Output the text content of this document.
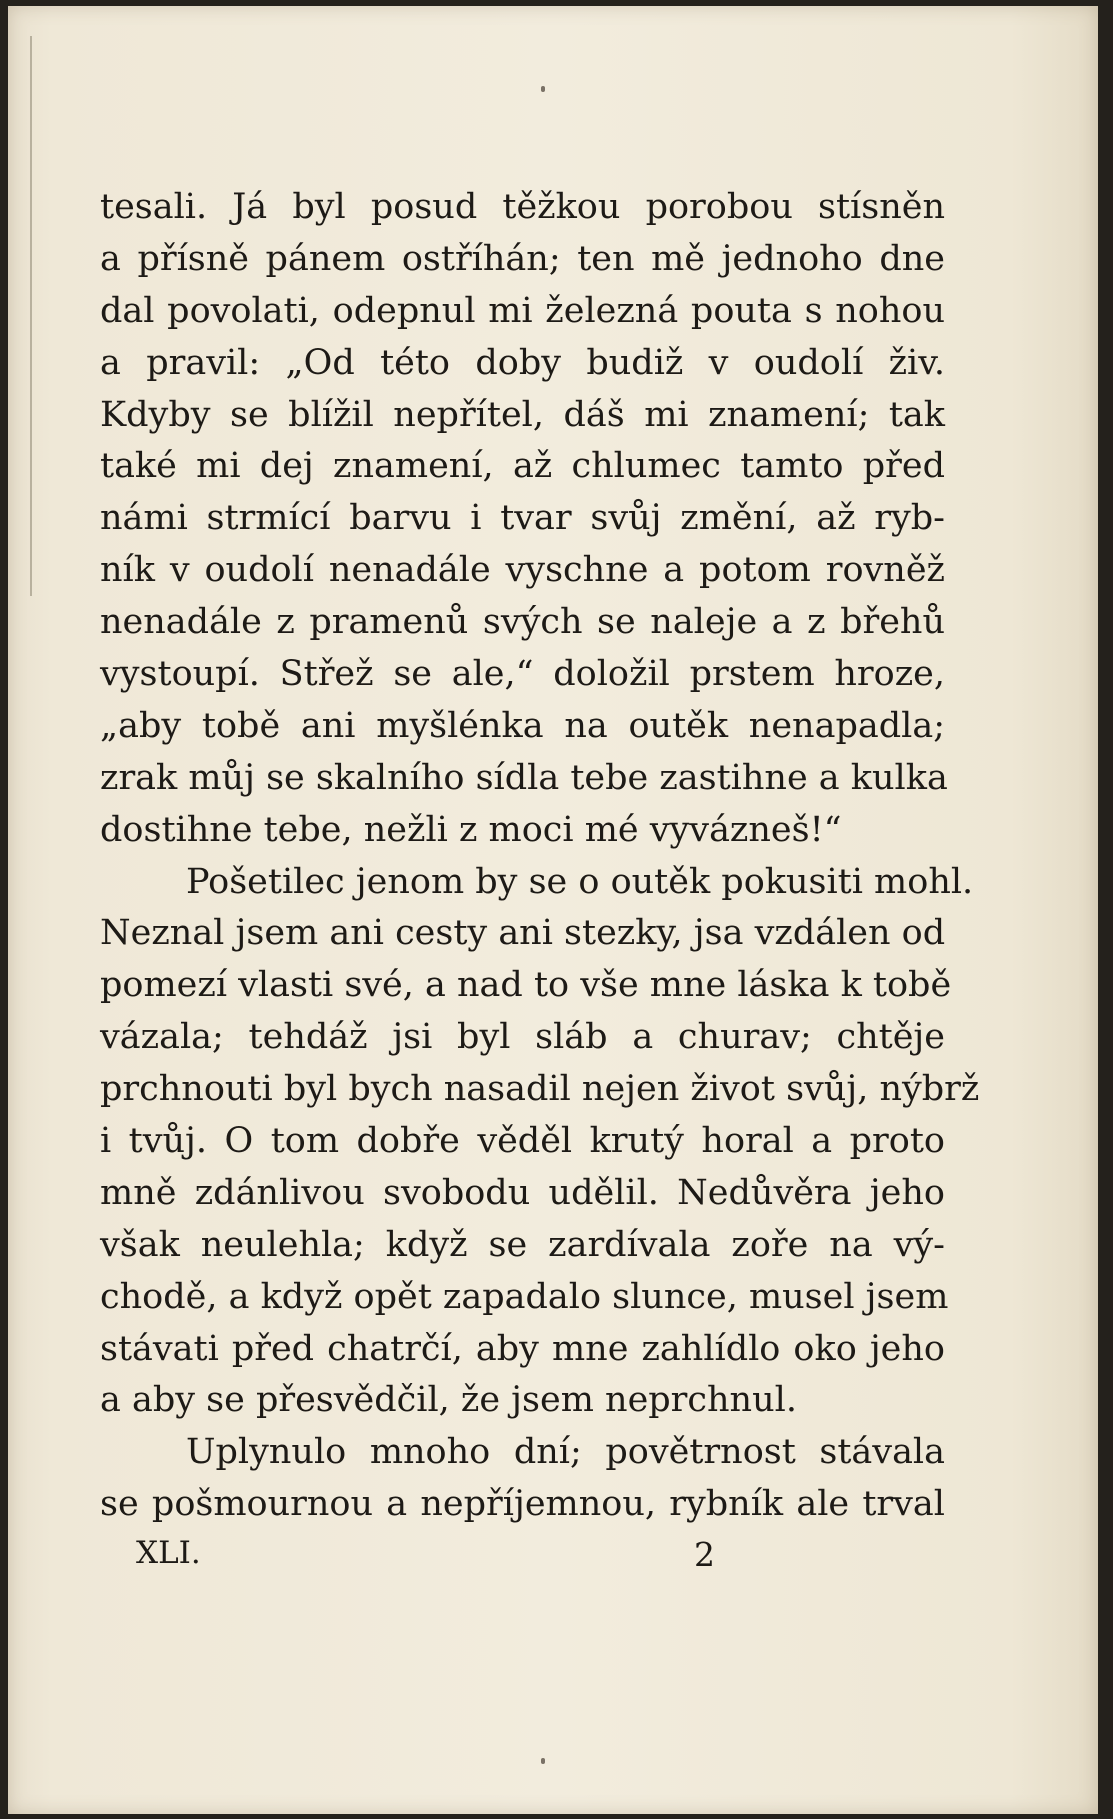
tesali. Já byl posud těžkou porobou stísněn
a přísně pánem ostříhán; ten mě jednoho dne
dal povolati, odepnul mi železná pouta s nohou
a pravil: „Od této doby budiž v oudolí živ.
Kdyby se blížil nepřítel, dáš mi znamení; tak
také mi dej znamení, až chlumec tamto před
námi strmící barvu i tvar svůj změní, až ryb-
ník v oudolí nenadále vyschne a potom rovněž
nenadále z pramenů svých se naleje a z břehů
vystoupí. Střež se ale,“ doložil prstem hroze,
„aby tobě ani myšlénka na outěk nenapadla;
zrak můj se skalního sídla tebe zastihne a kulka
dostihne tebe, nežli z moci mé vyvázneš!“
Pošetilec jenom by se o outěk pokusiti mohl.
Neznal jsem ani cesty ani stezky, jsa vzdálen od
pomezí vlasti své, a nad to vše mne láska k tobě
vázala; tehdáž jsi byl sláb a churav; chtěje
prchnouti byl bych nasadil nejen život svůj, nýbrž
i tvůj. O tom dobře věděl krutý horal a proto
mně zdánlivou svobodu udělil. Nedůvěra jeho
však neulehla; když se zardívala zoře na vý-
chodě, a když opět zapadalo slunce, musel jsem
stávati před chatrčí, aby mne zahlídlo oko jeho
a aby se přesvědčil, že jsem neprchnul.
Uplynulo mnoho dní; povětrnost stávala
se pošmournou a nepříjemnou, rybník ale trval
XLI.	2
